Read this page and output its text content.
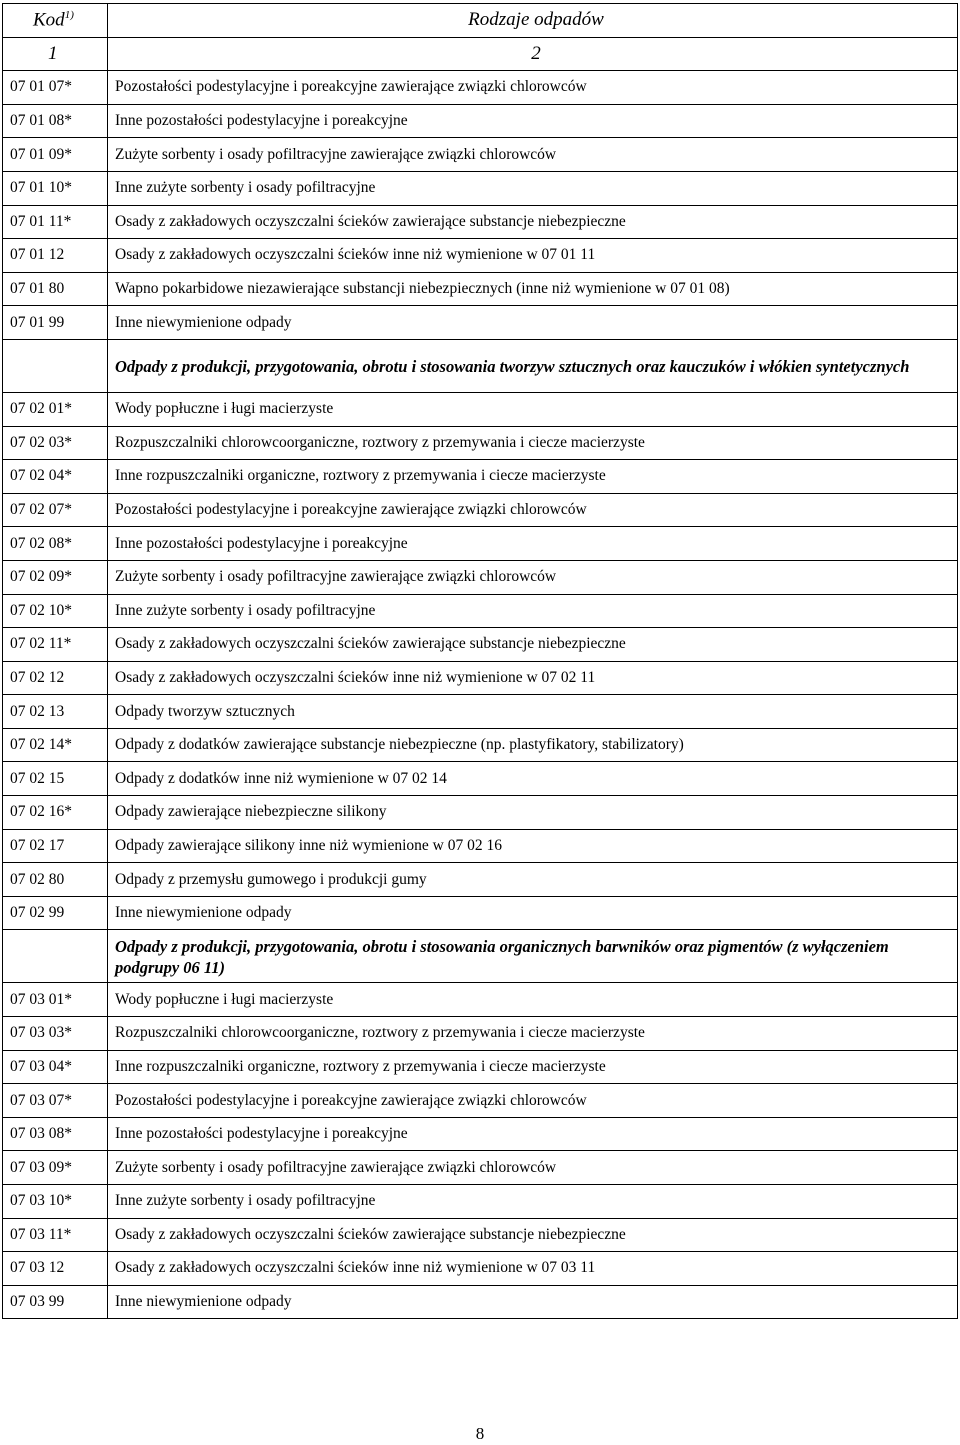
Kod$^{1)}$	Rodzaje odpadów
1	2
07 01 07*	Pozostałości podestylacyjne i poreakcyjne zawierające związki chlorowców
07 01 08*	Inne pozostałości podestylacyjne i poreakcyjne
07 01 09*	Zużyte sorbenty i osady pofiltracyjne zawierające związki chlorowców
07 01 10*	Inne zużyte sorbenty i osady pofiltracyjne
07 01 11*	Osady z zakładowych oczyszczalni ścieków zawierające substancje niebezpieczne
07 01 12	Osady z zakładowych oczyszczalni ścieków inne niż wymienione w 07 01 11
07 01 80	Wapno pokarbidowe niezawierające substancji niebezpiecznych (inne niż wymienione w 07 01 08)
07 01 99	Inne niewymienione odpady
	Odpady z produkcji, przygotowania, obrotu i stosowania tworzyw sztucznych oraz kauczuków i włókien syntetycznych
07 02 01*	Wody popłuczne i ługi macierzyste
07 02 03*	Rozpuszczalniki chlorowcoorganiczne, roztwory z przemywania i ciecze macierzyste
07 02 04*	Inne rozpuszczalniki organiczne, roztwory z przemywania i ciecze macierzyste
07 02 07*	Pozostałości podestylacyjne i poreakcyjne zawierające związki chlorowców
07 02 08*	Inne pozostałości podestylacyjne i poreakcyjne
07 02 09*	Zużyte sorbenty i osady pofiltracyjne zawierające związki chlorowców
07 02 10*	Inne zużyte sorbenty i osady pofiltracyjne
07 02 11*	Osady z zakładowych oczyszczalni ścieków zawierające substancje niebezpieczne
07 02 12	Osady z zakładowych oczyszczalni ścieków inne niż wymienione w 07 02 11
07 02 13	Odpady tworzyw sztucznych
07 02 14*	Odpady z dodatków zawierające substancje niebezpieczne (np. plastyfikatory, stabilizatory)
07 02 15	Odpady z dodatków inne niż wymienione w 07 02 14
07 02 16*	Odpady zawierające niebezpieczne silikony
07 02 17	Odpady zawierające silikony inne niż wymienione w 07 02 16
07 02 80	Odpady z przemysłu gumowego i produkcji gumy
07 02 99	Inne niewymienione odpady
	Odpady z produkcji, przygotowania, obrotu i stosowania organicznych barwników oraz pigmentów (z wyłączeniem podgrupy 06 11)
07 03 01*	Wody popłuczne i ługi macierzyste
07 03 03*	Rozpuszczalniki chlorowcoorganiczne, roztwory z przemywania i ciecze macierzyste
07 03 04*	Inne rozpuszczalniki organiczne, roztwory z przemywania i ciecze macierzyste
07 03 07*	Pozostałości podestylacyjne i poreakcyjne zawierające związki chlorowców
07 03 08*	Inne pozostałości podestylacyjne i poreakcyjne
07 03 09*	Zużyte sorbenty i osady pofiltracyjne zawierające związki chlorowców
07 03 10*	Inne zużyte sorbenty i osady pofiltracyjne
07 03 11*	Osady z zakładowych oczyszczalni ścieków zawierające substancje niebezpieczne
07 03 12	Osady z zakładowych oczyszczalni ścieków inne niż wymienione w 07 03 11
07 03 99	Inne niewymienione odpady
8
